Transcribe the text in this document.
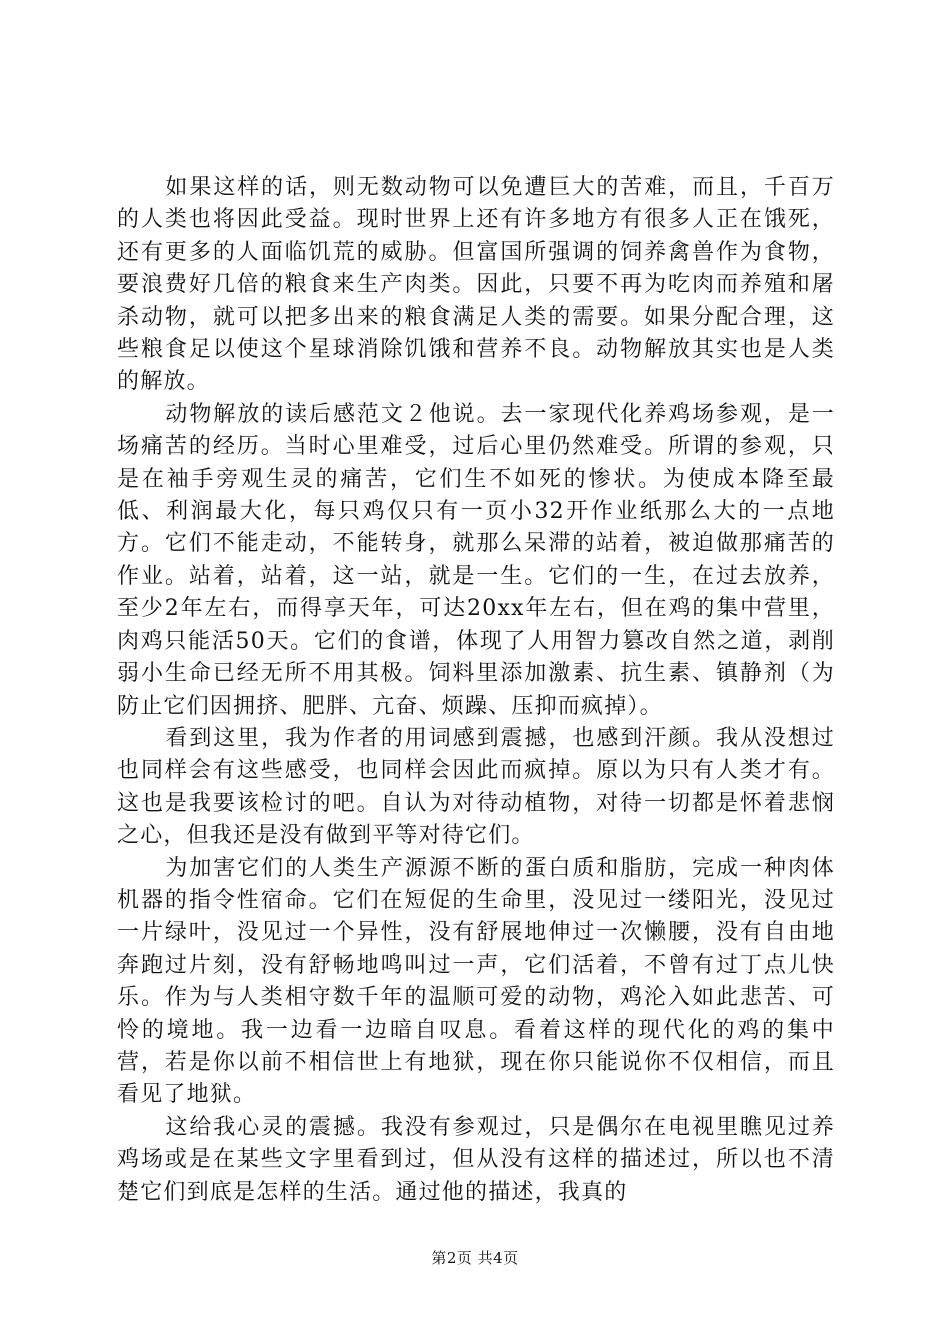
如果这样的话，则无数动物可以免遭巨大的苦难，而且，千百万的人类也将因此受益。现时世界上还有许多地方有很多人正在饿死，还有更多的人面临饥荒的威胁。但富国所强调的饲养禽兽作为食物，要浪费好几倍的粮食来生产肉类。因此，只要不再为吃肉而养殖和屠杀动物，就可以把多出来的粮食满足人类的需要。如果分配合理，这些粮食足以使这个星球消除饥饿和营养不良。动物解放其实也是人类的解放。

动物解放的读后感范文２他说。去一家现代化养鸡场参观，是一场痛苦的经历。当时心里难受，过后心里仍然难受。所谓的参观，只是在袖手旁观生灵的痛苦，它们生不如死的惨状。为使成本降至最低、利润最大化，每只鸡仅只有一页小32开作业纸那么大的一点地方。它们不能走动，不能转身，就那么呆滞的站着，被迫做那痛苦的作业。站着，站着，这一站，就是一生。它们的一生，在过去放养，至少2年左右，而得享天年，可达20xx年左右，但在鸡的集中营里，肉鸡只能活50天。它们的食谱，体现了人用智力篡改自然之道，剥削弱小生命已经无所不用其极。饲料里添加激素、抗生素、镇静剂（为防止它们因拥挤、肥胖、亢奋、烦躁、压抑而疯掉）。

看到这里，我为作者的用词感到震撼，也感到汗颜。我从没想过也同样会有这些感受，也同样会因此而疯掉。原以为只有人类才有。这也是我要该检讨的吧。自认为对待动植物，对待一切都是怀着悲悯之心，但我还是没有做到平等对待它们。

为加害它们的人类生产源源不断的蛋白质和脂肪，完成一种肉体机器的指令性宿命。它们在短促的生命里，没见过一缕阳光，没见过一片绿叶，没见过一个异性，没有舒展地伸过一次懒腰，没有自由地奔跑过片刻，没有舒畅地鸣叫过一声，它们活着，不曾有过丁点儿快乐。作为与人类相守数千年的温顺可爱的动物，鸡沦入如此悲苦、可怜的境地。我一边看一边暗自叹息。看着这样的现代化的鸡的集中营，若是你以前不相信世上有地狱，现在你只能说你不仅相信，而且看见了地狱。

这给我心灵的震撼。我没有参观过，只是偶尔在电视里瞧见过养鸡场或是在某些文字里看到过，但从没有这样的描述过，所以也不清楚它们到底是怎样的生活。通过他的描述，我真的

第2页 共4页
